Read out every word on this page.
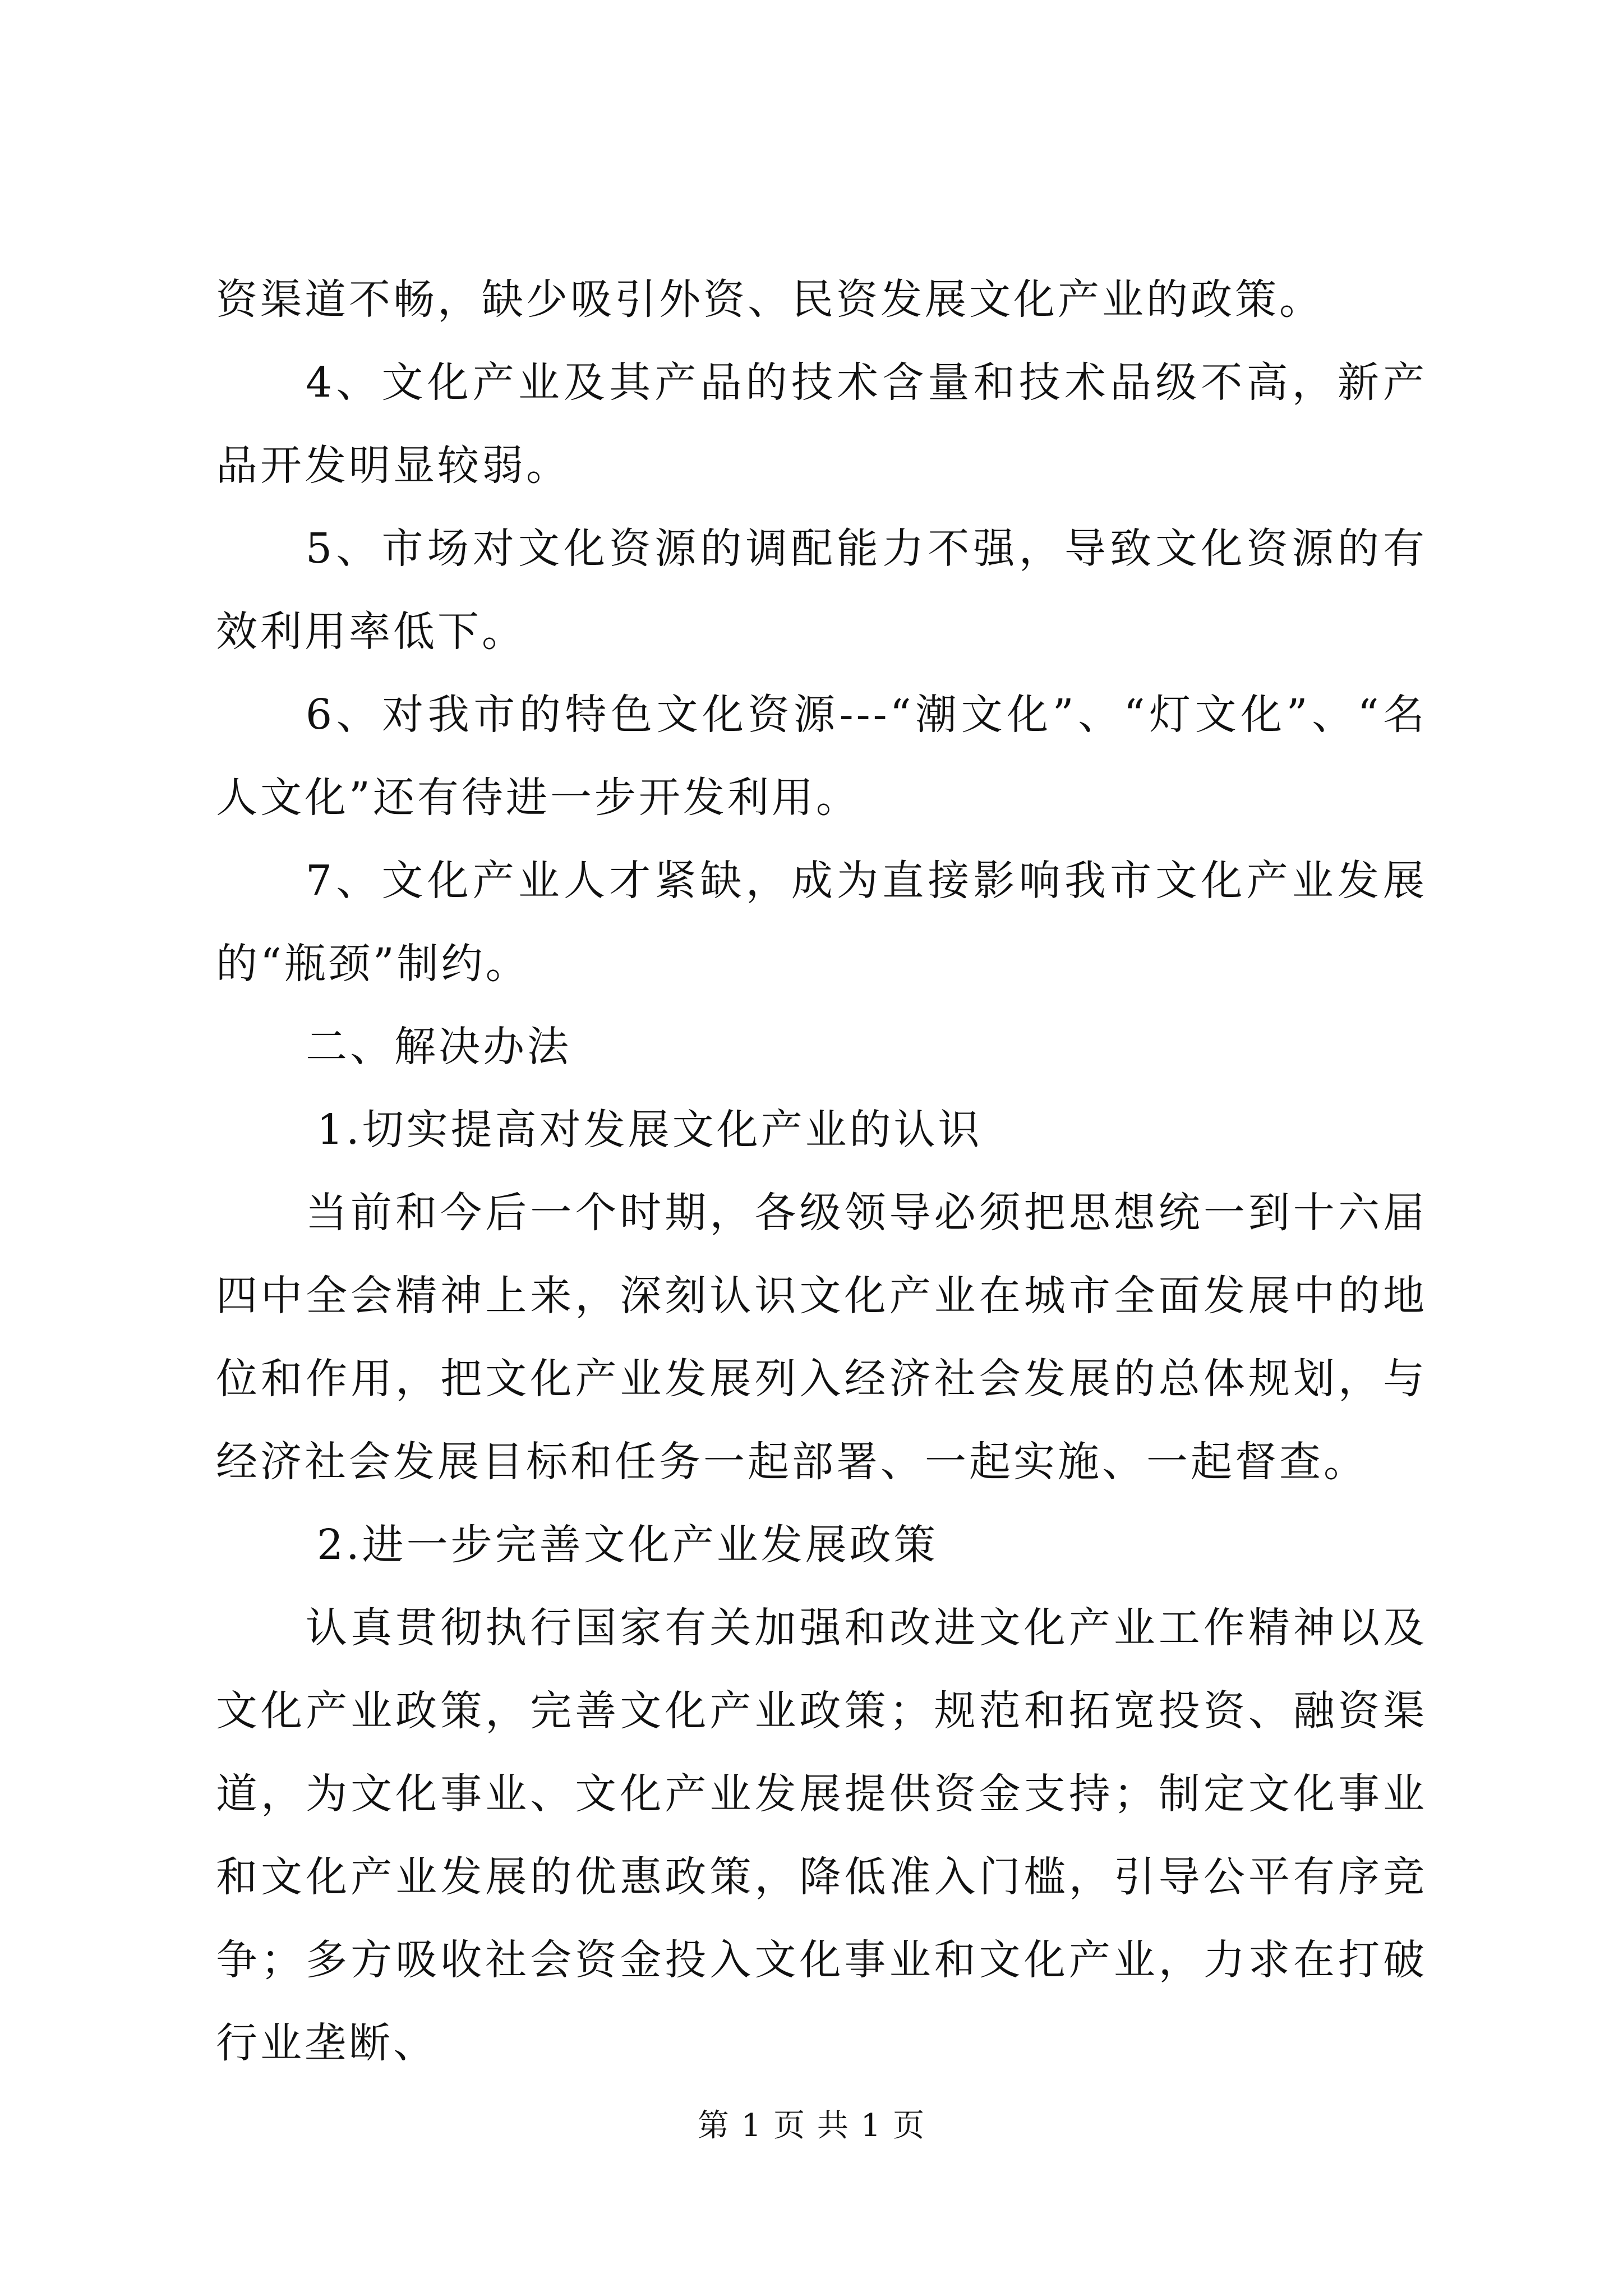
资渠道不畅，缺少吸引外资、民资发展文化产业的政策。

4、文化产业及其产品的技术含量和技术品级不高，新产品开发明显较弱。

5、市场对文化资源的调配能力不强，导致文化资源的有效利用率低下。

6、对我市的特色文化资源---“潮文化”、“灯文化”、“名人文化”还有待进一步开发利用。

7、文化产业人才紧缺，成为直接影响我市文化产业发展的“瓶颈”制约。

二、解决办法

1.切实提高对发展文化产业的认识

当前和今后一个时期，各级领导必须把思想统一到十六届四中全会精神上来，深刻认识文化产业在城市全面发展中的地位和作用，把文化产业发展列入经济社会发展的总体规划，与经济社会发展目标和任务一起部署、一起实施、一起督查。

2.进一步完善文化产业发展政策

认真贯彻执行国家有关加强和改进文化产业工作精神以及文化产业政策，完善文化产业政策；规范和拓宽投资、融资渠道，为文化事业、文化产业发展提供资金支持；制定文化事业和文化产业发展的优惠政策，降低准入门槛，引导公平有序竞争；多方吸收社会资金投入文化事业和文化产业，力求在打破行业垄断、

第 1 页 共 1 页
